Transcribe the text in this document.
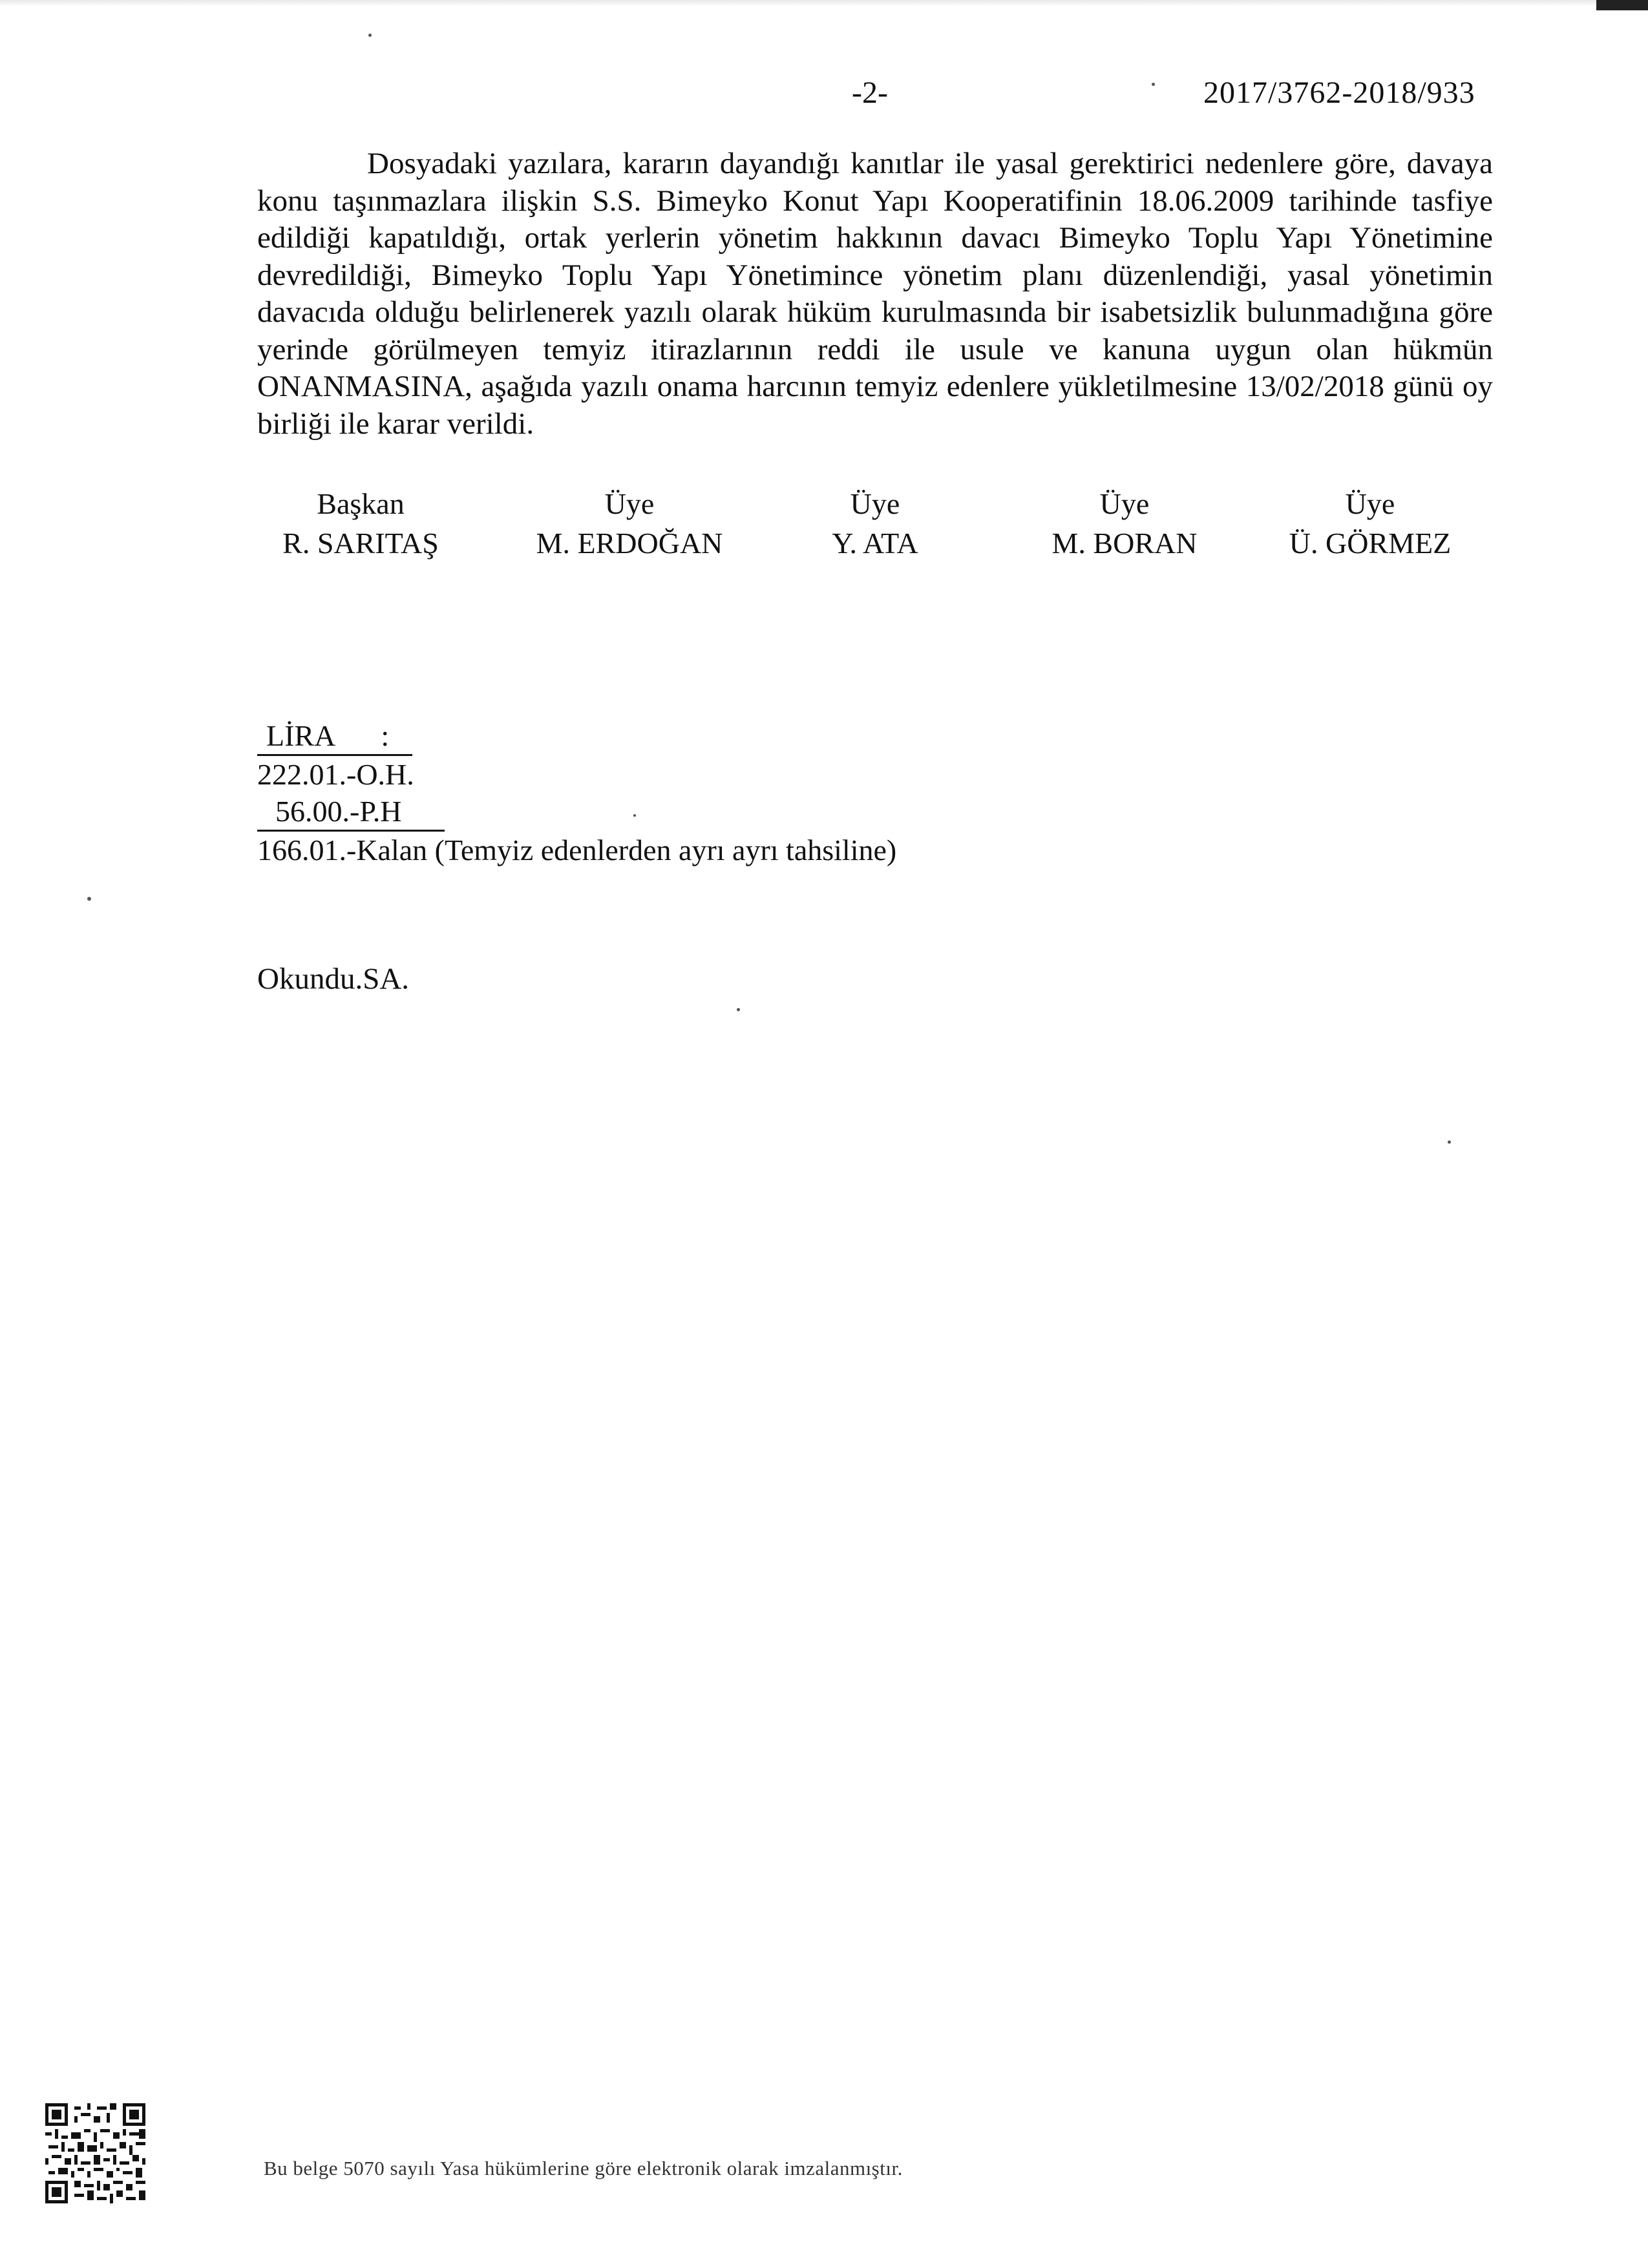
-2-	2017/3762-2018/933

Dosyadaki yazılara, kararın dayandığı kanıtlar ile yasal gerektirici nedenlere göre, davaya konu taşınmazlara ilişkin S.S. Bimeyko Konut Yapı Kooperatifinin 18.06.2009 tarihinde tasfiye edildiği kapatıldığı, ortak yerlerin yönetim hakkının davacı Bimeyko Toplu Yapı Yönetimine devredildiği, Bimeyko Toplu Yapı Yönetimince yönetim planı düzenlendiği, yasal yönetimin davacıda olduğu belirlenerek yazılı olarak hüküm kurulmasında bir isabetsizlik bulunmadığına göre yerinde görülmeyen temyiz itirazlarının reddi ile usule ve kanuna uygun olan hükmün ONANMASINA, aşağıda yazılı onama harcının temyiz edenlere yükletilmesine 13/02/2018 günü oy birliği ile karar verildi.

Başkan
R. SARITAŞ
Üye
M. ERDOĞAN
Üye
Y. ATA
Üye
M. BORAN
Üye
Ü. GÖRMEZ
LİRA :
222.01.-O.H.
56.00.-P.H
166.01.-Kalan (Temyiz edenlerden ayrı ayrı tahsiline)
Okundu.SA.
Bu belge 5070 sayılı Yasa hükümlerine göre elektronik olarak imzalanmıştır.
